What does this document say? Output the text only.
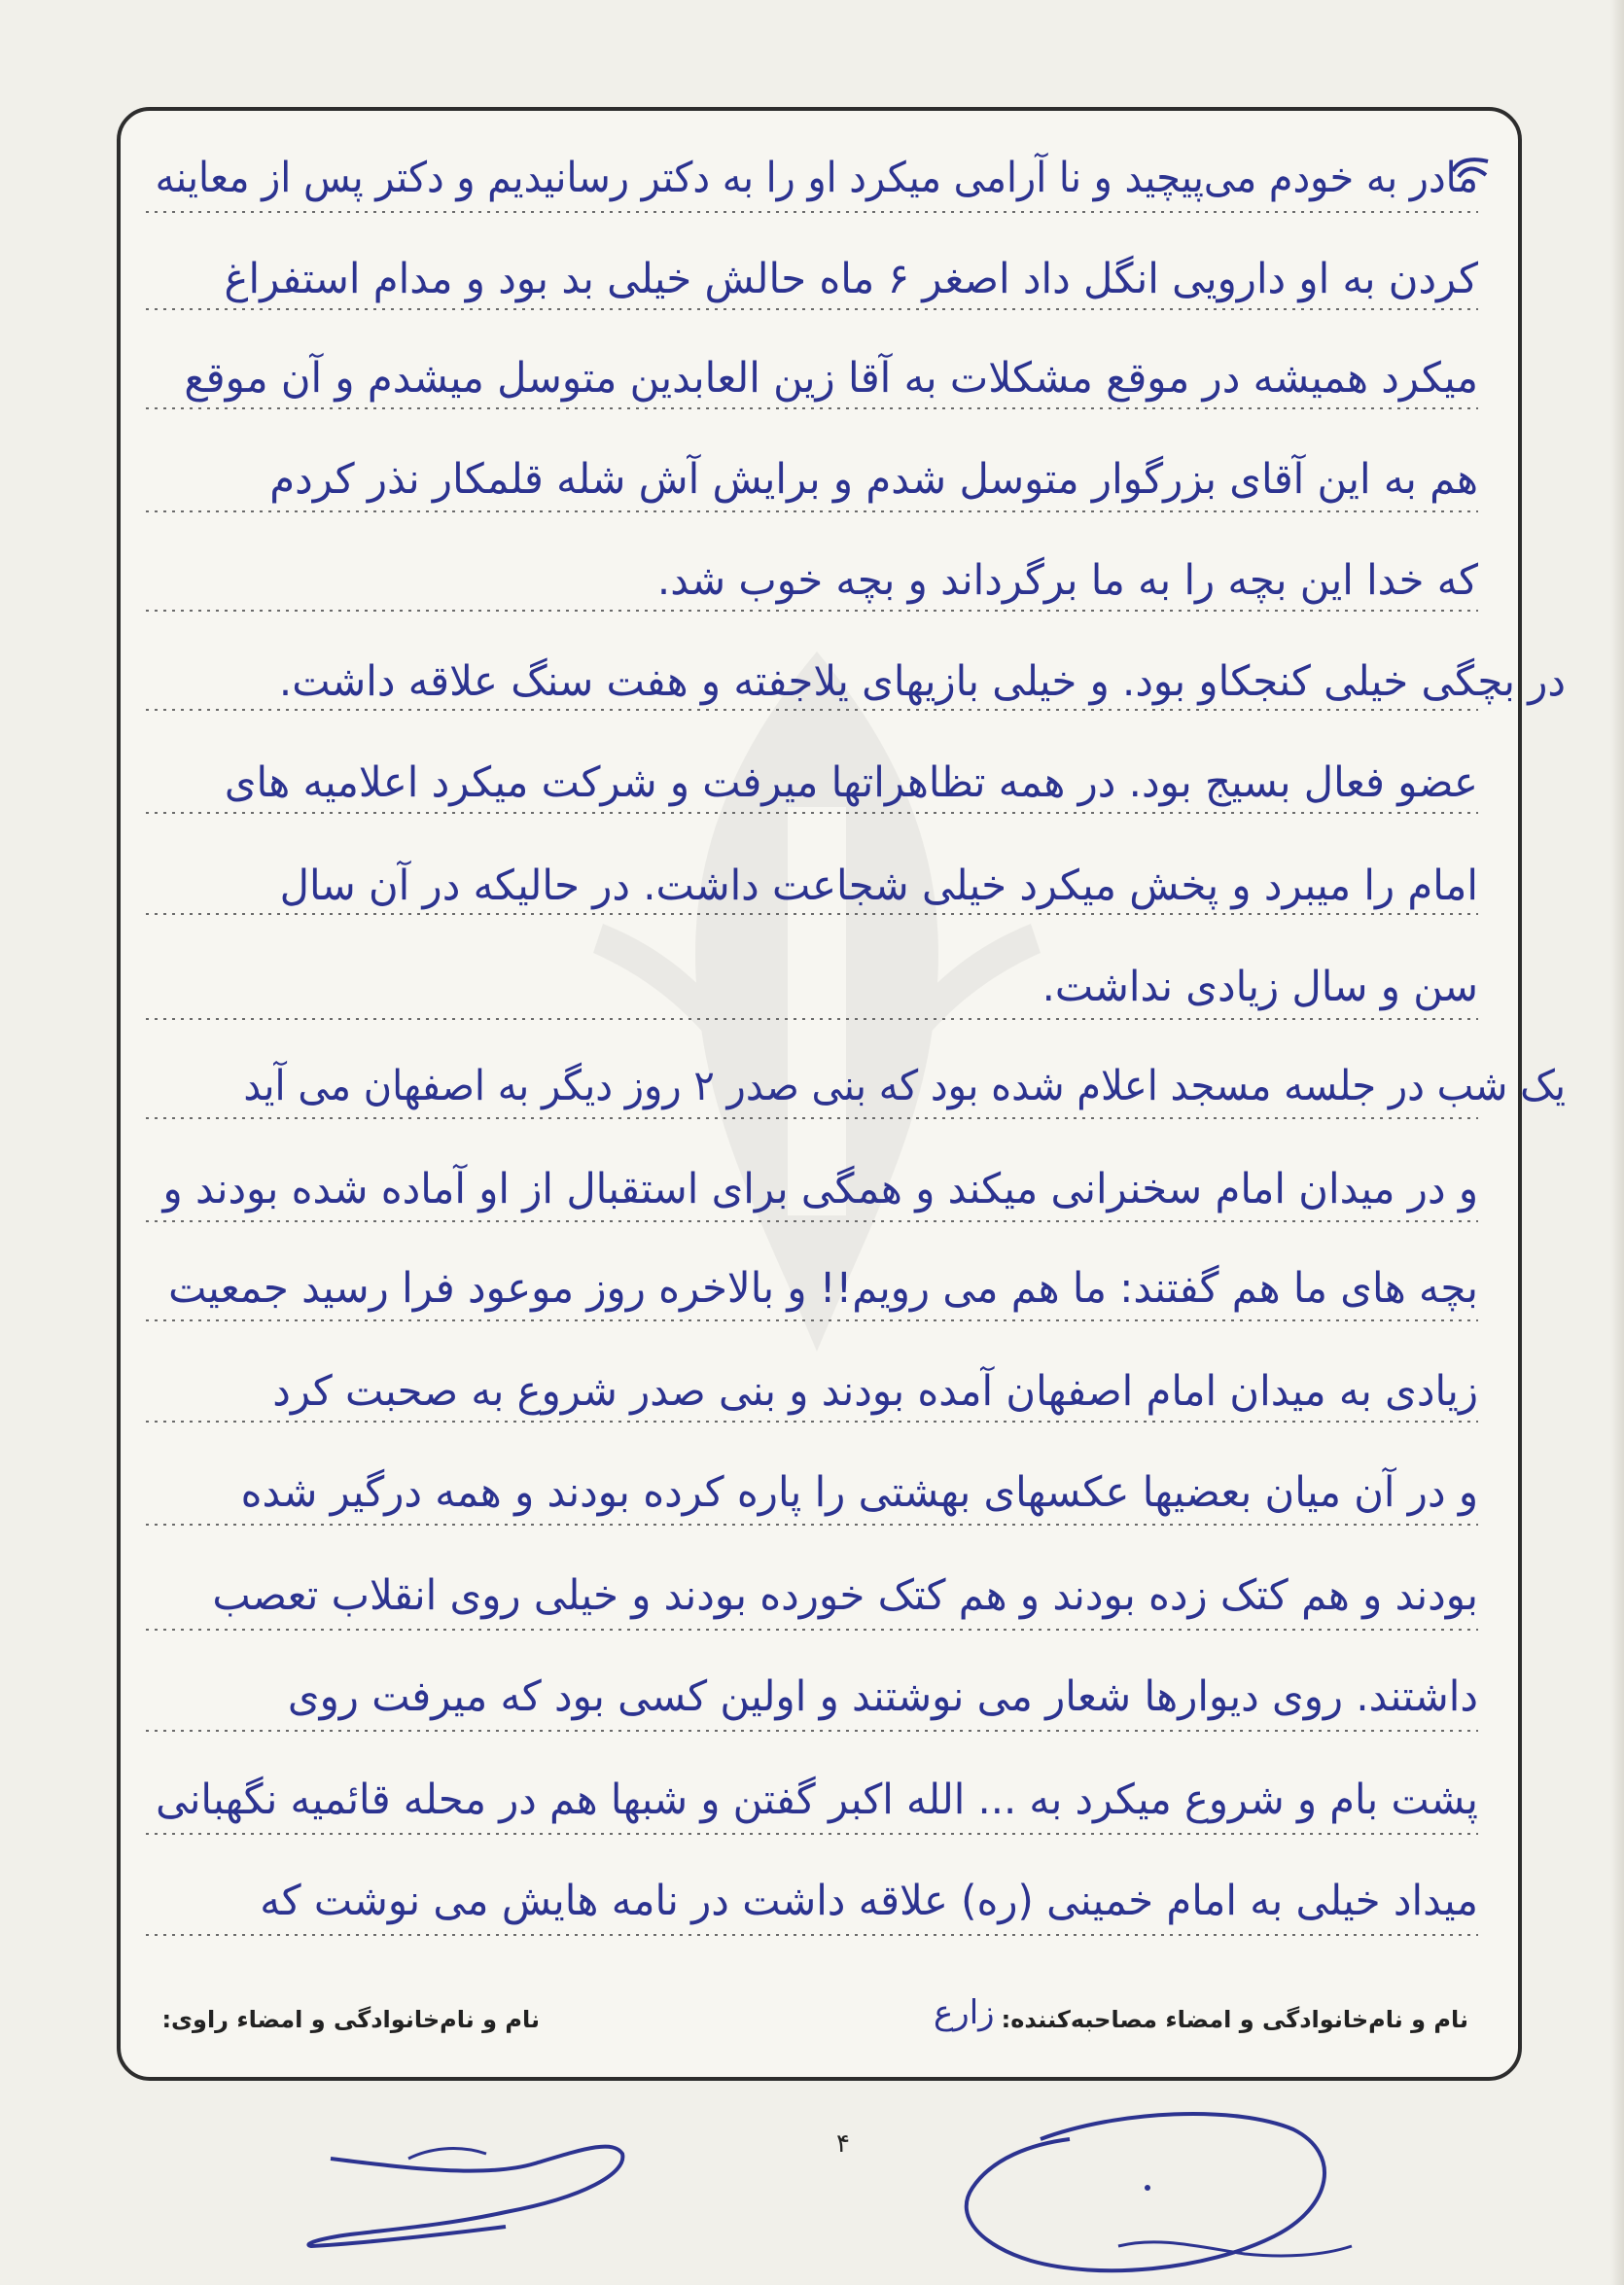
مادر به خودم می‌پیچید و نا آرامی میکرد او را به دکتر رسانیدیم و دکتر پس از معاینه
کردن به او دارویی انگل داد اصغر ۶ ماه حالش خیلی بد بود و مدام استفراغ
میکرد همیشه در موقع مشکلات به آقا زین العابدین متوسل میشدم و آن موقع
هم به این آقای بزرگوار متوسل شدم و برایش آش شله قلمکار نذر کردم
که خدا این بچه را به ما برگرداند و بچه خوب شد.
در بچگی خیلی کنجکاو بود. و خیلی بازیهای یلاجفته و هفت سنگ علاقه داشت.
عضو فعال بسیج بود. در همه تظاهراتها میرفت و شرکت میکرد اعلامیه های
امام را میبرد و پخش میکرد خیلی شجاعت داشت. در حالیکه در آن سال
سن و سال زیادی نداشت.
یک شب در جلسه مسجد اعلام شده بود که بنی صدر ۲ روز دیگر به اصفهان می آید
و در میدان امام سخنرانی میکند و همگی برای استقبال از او آماده شده بودند و
بچه های ما هم گفتند: ما هم می رویم!! و بالاخره روز موعود فرا رسید جمعیت
زیادی به میدان امام اصفهان آمده بودند و بنی صدر شروع به صحبت کرد
و در آن میان بعضیها عکسهای بهشتی را پاره کرده بودند و همه درگیر شده
بودند و هم کتک زده بودند و هم کتک خورده بودند و خیلی روی انقلاب تعصب
داشتند. روی دیوارها شعار می نوشتند و اولین کسی بود که میرفت روی
پشت بام و شروع میکرد به ... الله اکبر گفتن و شبها هم در محله قائمیه نگهبانی
میداد خیلی به امام خمینی (ره) علاقه داشت در نامه هایش می نوشت که
نام و نام‌خانوادگی و امضاء مصاحبه‌کننده:
زارع
نام و نام‌خانوادگی و امضاء راوی:
۴
